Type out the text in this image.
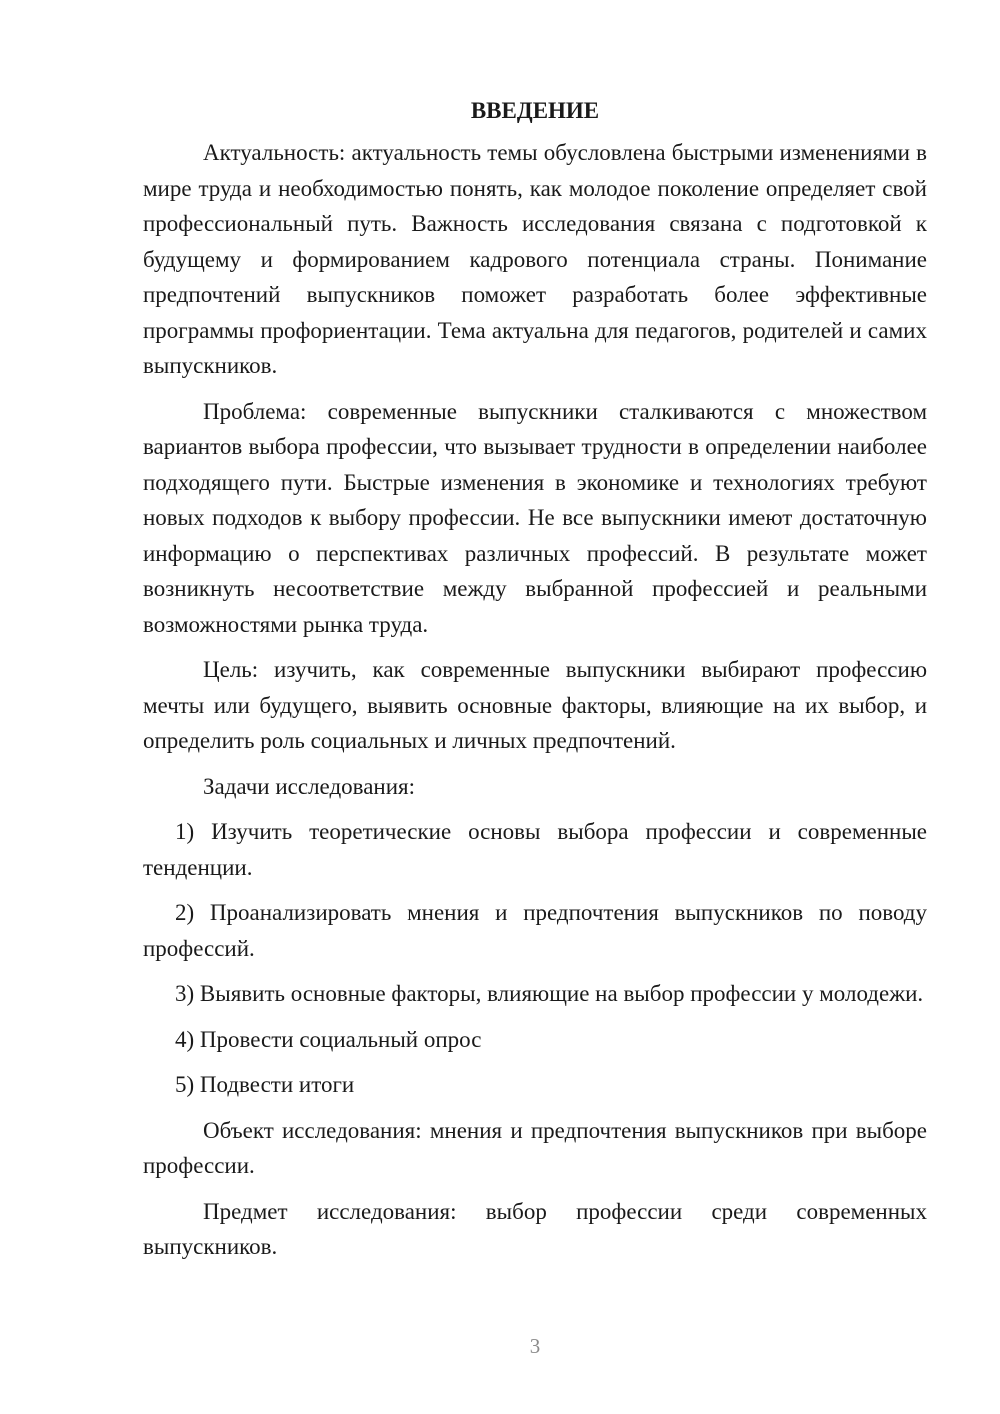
ВВЕДЕНИЕ

Актуальность: актуальность темы обусловлена быстрыми изменениями в мире труда и необходимостью понять, как молодое поколение определяет свой профессиональный путь. Важность исследования связана с подготовкой к будущему и формированием кадрового потенциала страны. Понимание предпочтений выпускников поможет разработать более эффективные программы профориентации. Тема актуальна для педагогов, родителей и самих выпускников.

Проблема: современные выпускники сталкиваются с множеством вариантов выбора профессии, что вызывает трудности в определении наиболее подходящего пути. Быстрые изменения в экономике и технологиях требуют новых подходов к выбору профессии. Не все выпускники имеют достаточную информацию о перспективах различных профессий. В результате может возникнуть несоответствие между выбранной профессией и реальными возможностями рынка труда.

Цель: изучить, как современные выпускники выбирают профессию мечты или будущего, выявить основные факторы, влияющие на их выбор, и определить роль социальных и личных предпочтений.

Задачи исследования:

1) Изучить теоретические основы выбора профессии и современные тенденции.

2) Проанализировать мнения и предпочтения выпускников по поводу профессий.

3) Выявить основные факторы, влияющие на выбор профессии у молодежи.

4) Провести социальный опрос

5) Подвести итоги

Объект исследования: мнения и предпочтения выпускников при выборе профессии.

Предмет исследования: выбор профессии среди современных выпускников.

3
